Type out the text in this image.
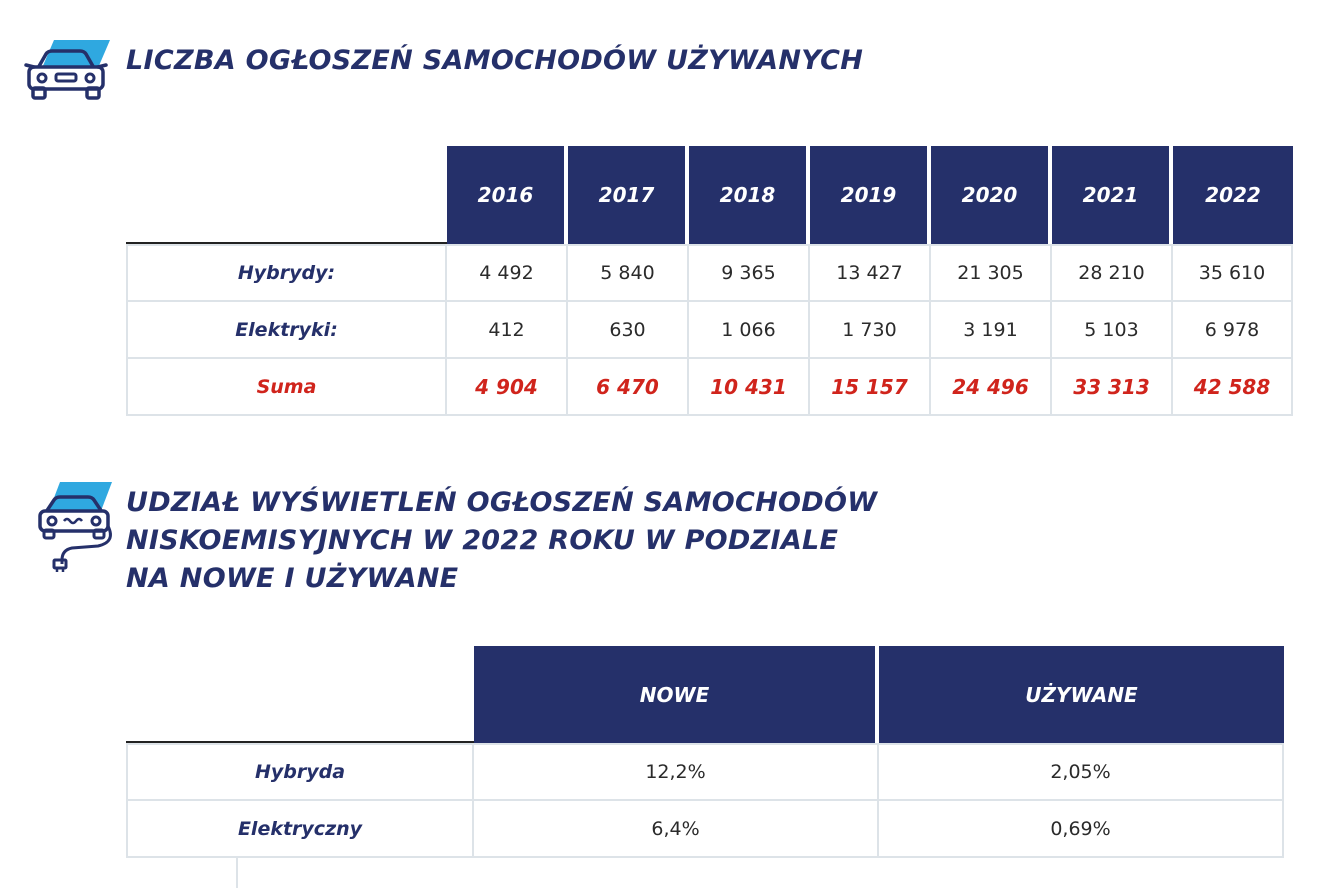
LICZBA OGŁOSZEŃ SAMOCHODÓW UŻYWANYCH
	2016	2017	2018	2019	2020	2021	2022
Hybrydy:	4 492	5 840	9 365	13 427	21 305	28 210	35 610
Elektryki:	412	630	1 066	1 730	3 191	5 103	6 978
Suma	4 904	6 470	10 431	15 157	24 496	33 313	42 588
UDZIAŁ WYŚWIETLEŃ OGŁOSZEŃ SAMOCHODÓW
NISKOEMISYJNYCH W 2022 ROKU W PODZIALE
NA NOWE I UŻYWANE
	NOWE	UŻYWANE
Hybryda	12,2%	2,05%
Elektryczny	6,4%	0,69%
